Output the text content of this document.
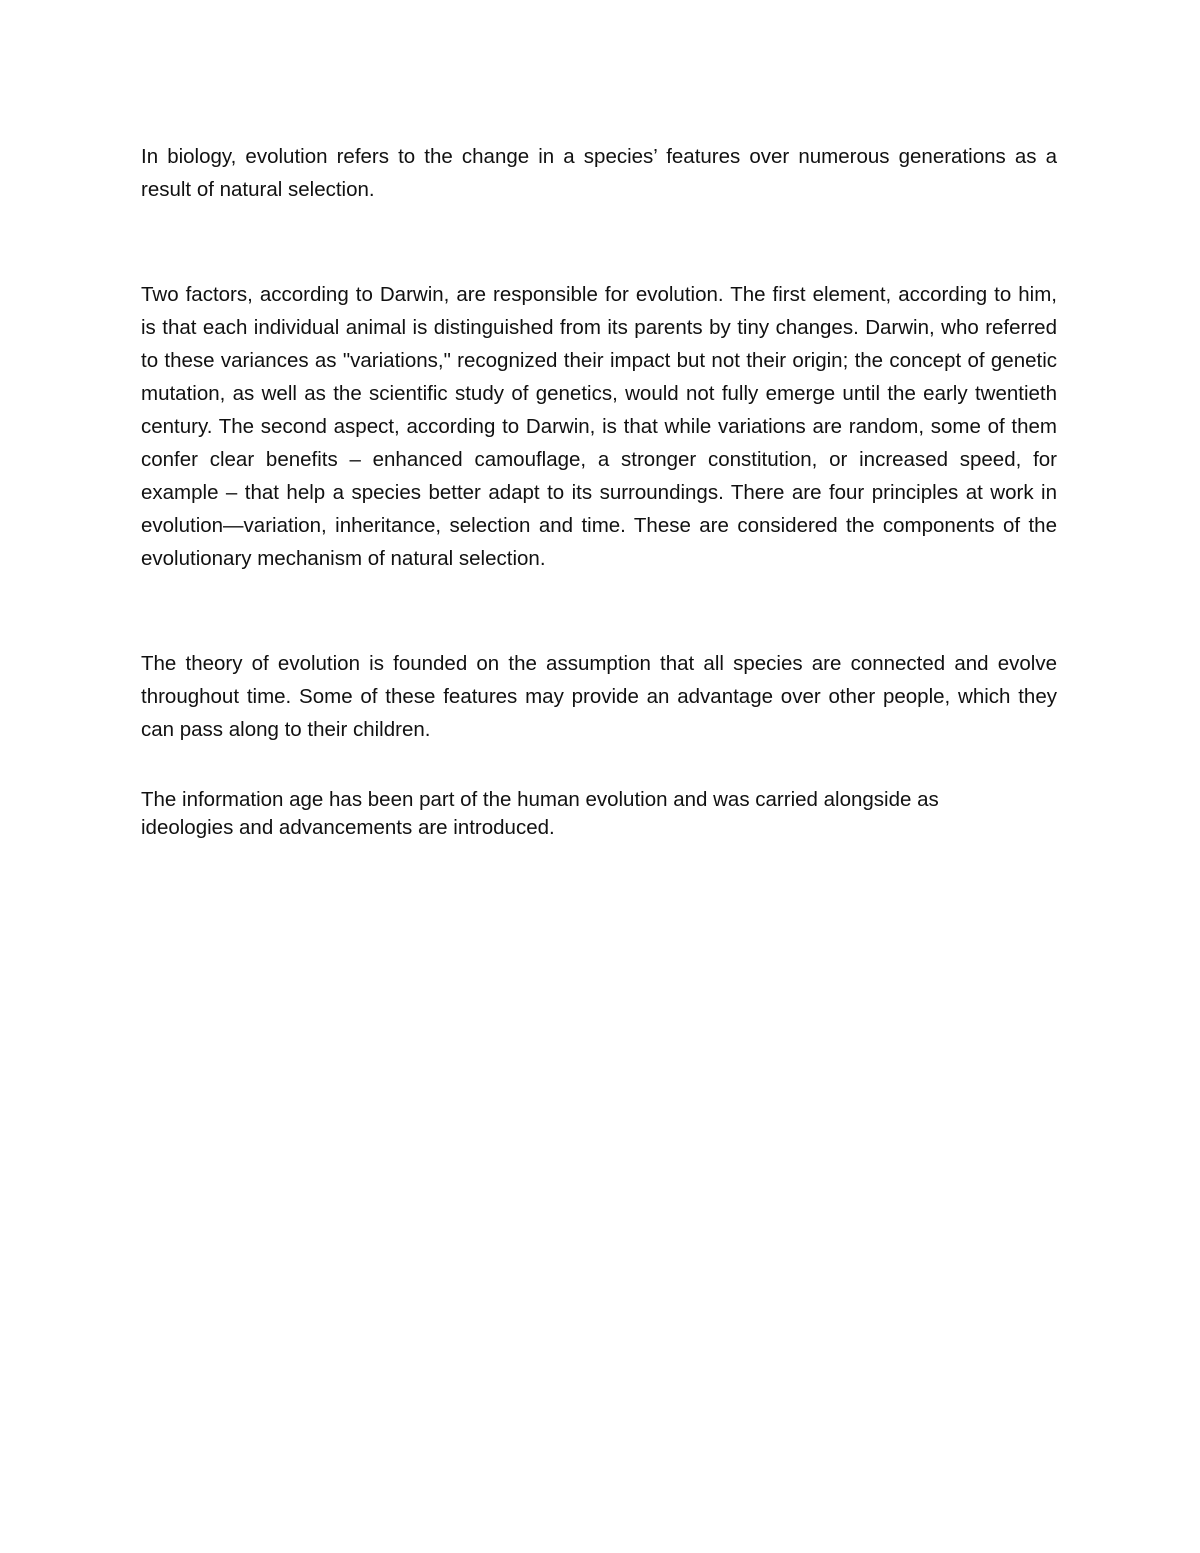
In biology, evolution refers to the change in a species’ features over numerous generations as a result of natural selection.

Two factors, according to Darwin, are responsible for evolution. The first element, according to him, is that each individual animal is distinguished from its parents by tiny changes. Darwin, who referred to these variances as "variations," recognized their impact but not their origin; the concept of genetic mutation, as well as the scientific study of genetics, would not fully emerge until the early twentieth century. The second aspect, according to Darwin, is that while variations are random, some of them confer clear benefits – enhanced camouflage, a stronger constitution, or increased speed, for example – that help a species better adapt to its surroundings. There are four principles at work in evolution—variation, inheritance, selection and time. These are considered the components of the evolutionary mechanism of natural selection.

The theory of evolution is founded on the assumption that all species are connected and evolve throughout time. Some of these features may provide an advantage over other people, which they can pass along to their children.

The information age has been part of the human evolution and was carried alongside as ideologies and advancements are introduced.
